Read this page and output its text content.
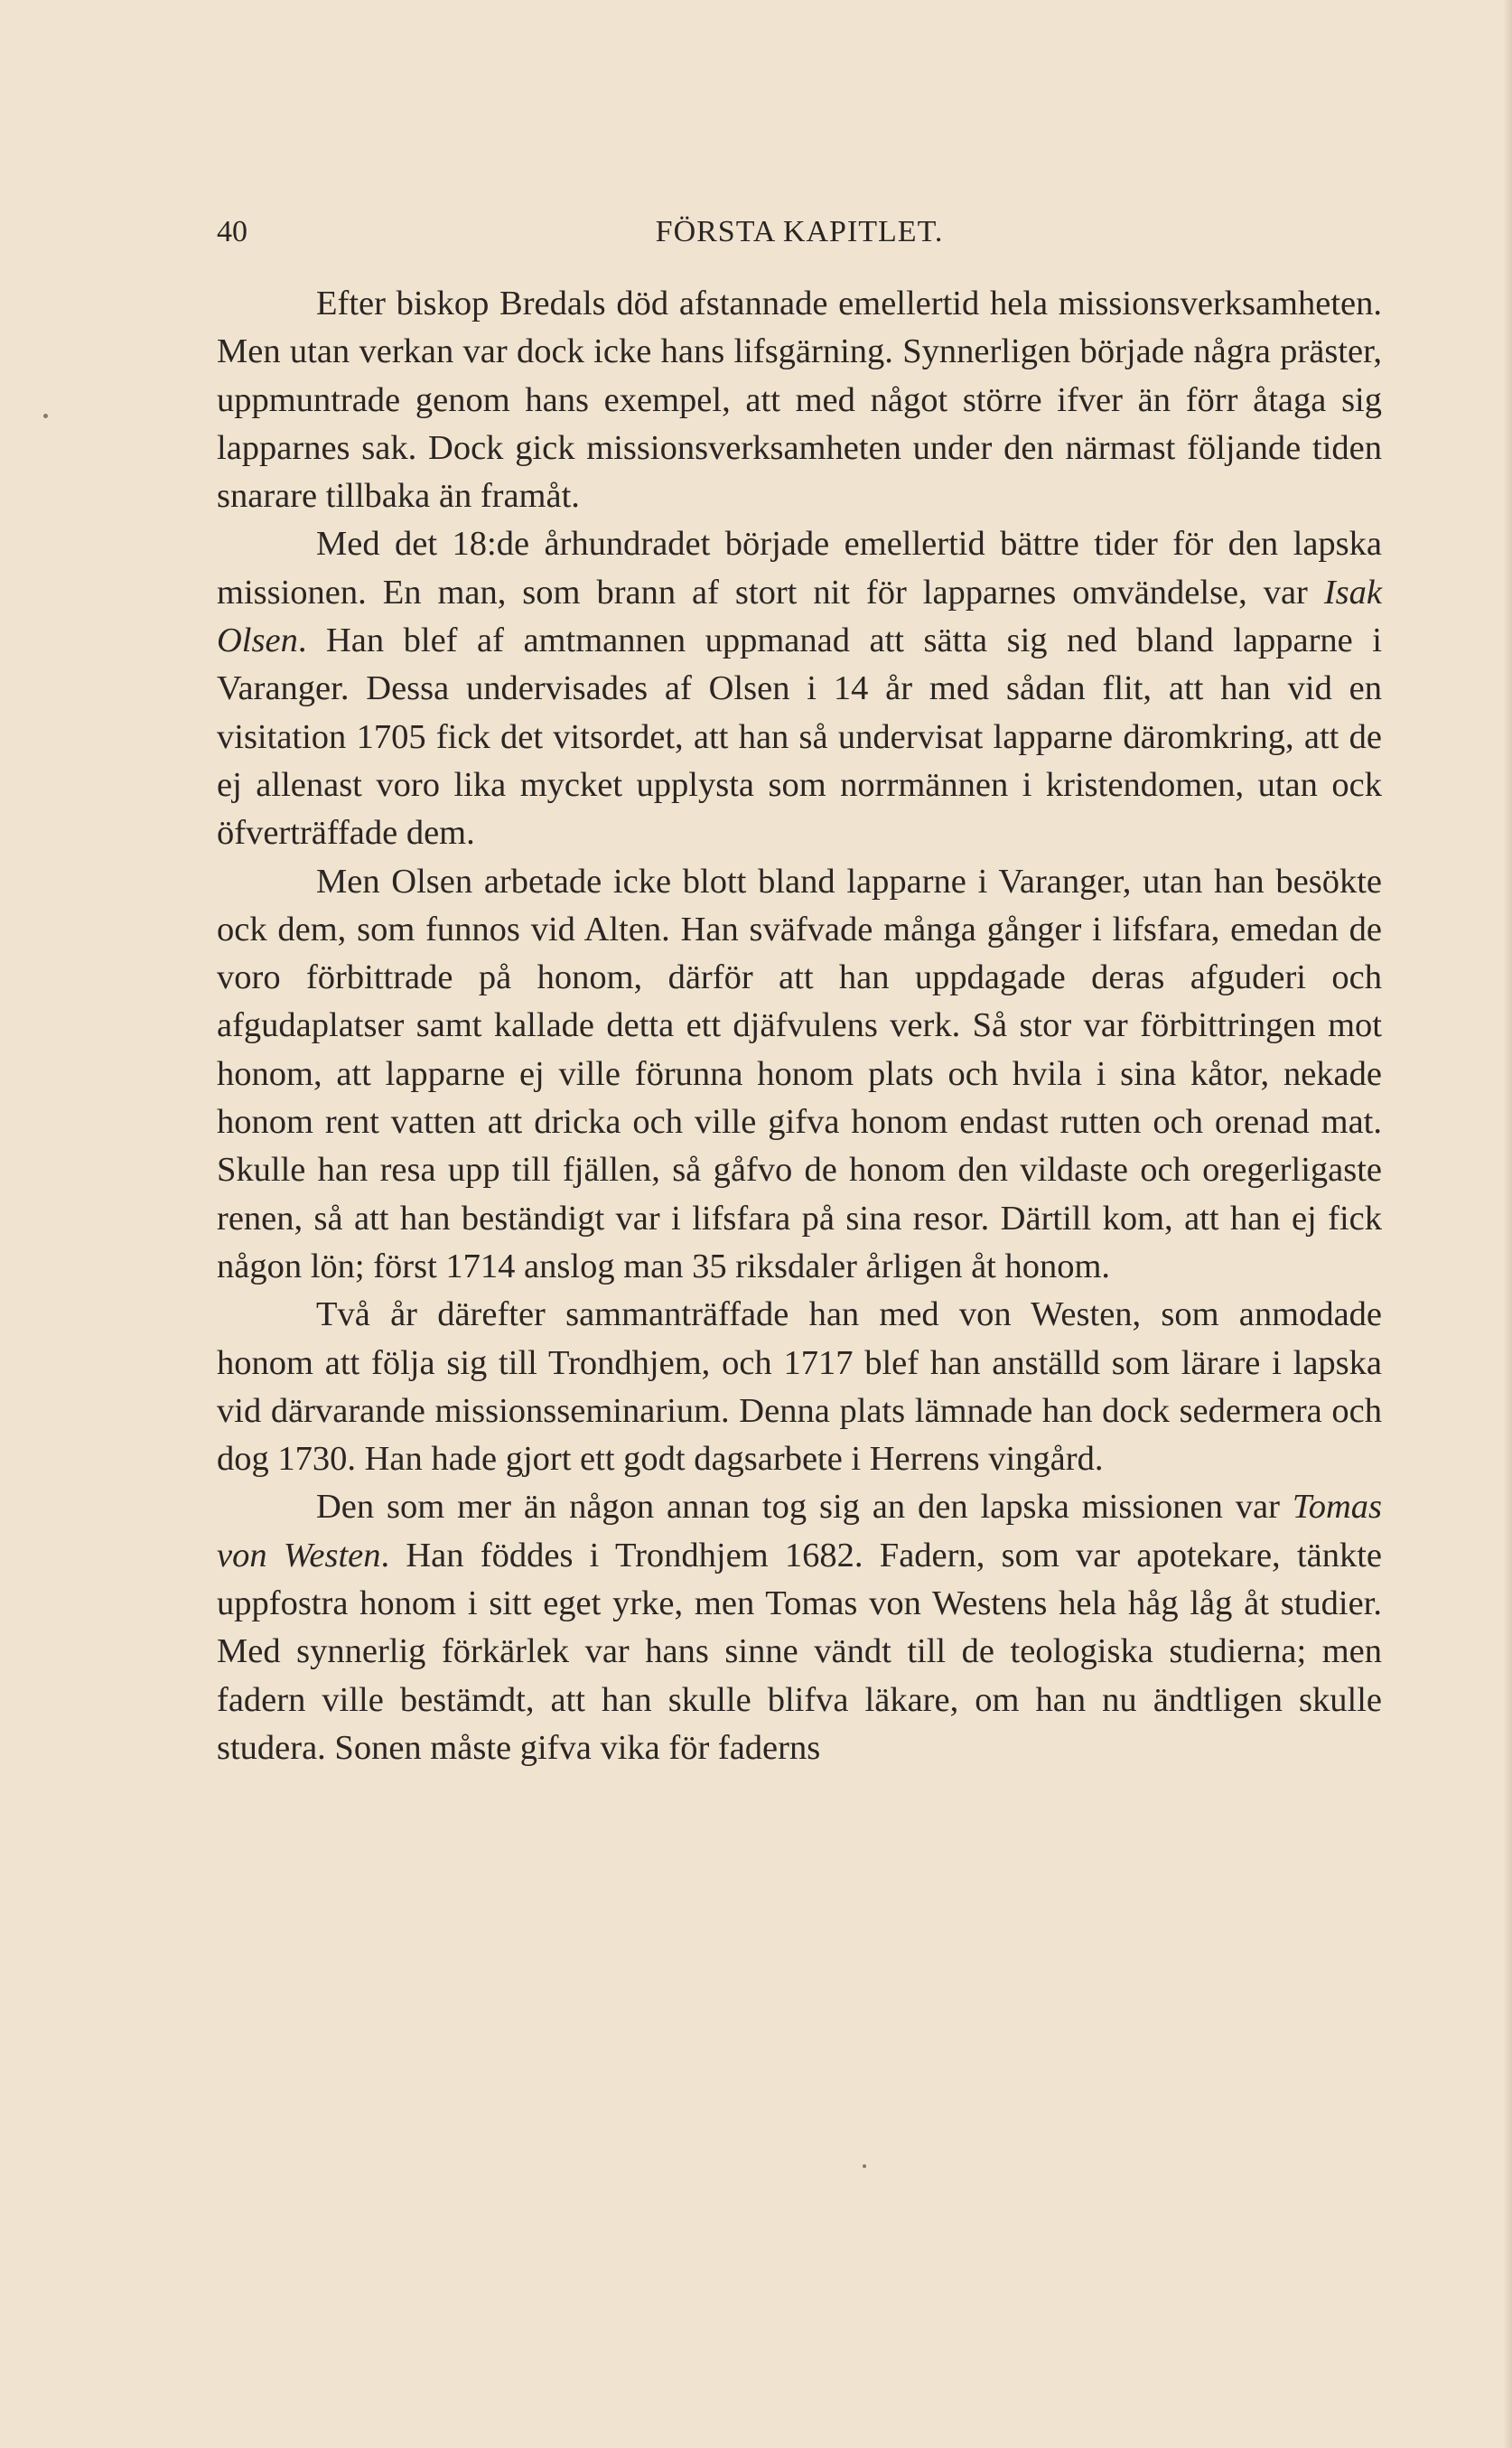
40	FÖRSTA KAPITLET.

Efter biskop Bredals död afstannade emellertid hela missionsverksamheten. Men utan verkan var dock icke hans lifsgärning. Synnerligen började några präster, uppmuntrade genom hans exempel, att med något större ifver än förr åtaga sig lapparnes sak. Dock gick missionsverksamheten under den närmast följande tiden snarare tillbaka än framåt.

Med det 18:de århundradet började emellertid bättre tider för den lapska missionen. En man, som brann af stort nit för lapparnes omvändelse, var Isak Olsen. Han blef af amtmannen uppmanad att sätta sig ned bland lapparne i Varanger. Dessa undervisades af Olsen i 14 år med sådan flit, att han vid en visitation 1705 fick det vitsordet, att han så undervisat lapparne däromkring, att de ej allenast voro lika mycket upplysta som norrmännen i kristendomen, utan ock öfverträffade dem.

Men Olsen arbetade icke blott bland lapparne i Varanger, utan han besökte ock dem, som funnos vid Alten. Han sväfvade många gånger i lifsfara, emedan de voro förbittrade på honom, därför att han uppdagade deras afguderi och afgudaplatser samt kallade detta ett djäfvulens verk. Så stor var förbittringen mot honom, att lapparne ej ville förunna honom plats och hvila i sina kåtor, nekade honom rent vatten att dricka och ville gifva honom endast rutten och orenad mat. Skulle han resa upp till fjällen, så gåfvo de honom den vildaste och oregerligaste renen, så att han beständigt var i lifsfara på sina resor. Därtill kom, att han ej fick någon lön; först 1714 anslog man 35 riksdaler årligen åt honom.

Två år därefter sammanträffade han med von Westen, som anmodade honom att följa sig till Trondhjem, och 1717 blef han anställd som lärare i lapska vid därvarande missionsseminarium. Denna plats lämnade han dock sedermera och dog 1730. Han hade gjort ett godt dagsarbete i Herrens vingård.

Den som mer än någon annan tog sig an den lapska missionen var Tomas von Westen. Han föddes i Trondhjem 1682. Fadern, som var apotekare, tänkte uppfostra honom i sitt eget yrke, men Tomas von Westens hela håg låg åt studier. Med synnerlig förkärlek var hans sinne vändt till de teologiska studierna; men fadern ville bestämdt, att han skulle blifva läkare, om han nu ändtligen skulle studera. Sonen måste gifva vika för faderns
